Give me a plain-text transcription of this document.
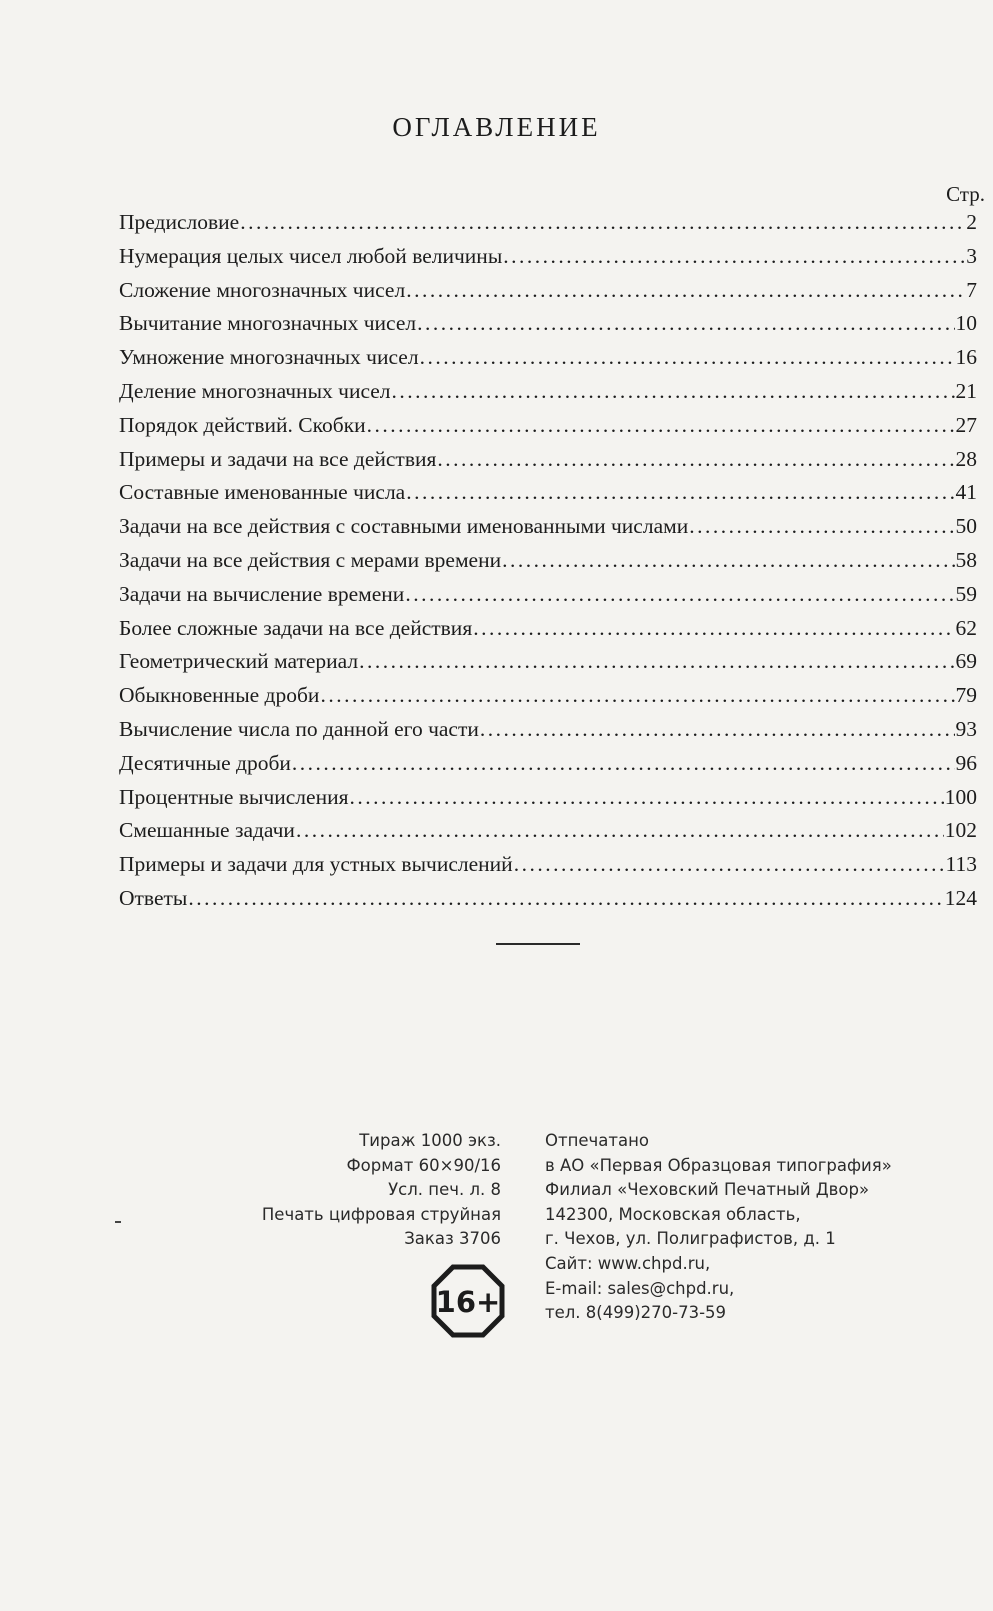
ОГЛАВЛЕНИЕ
Стр.
Предисловие .....	2
Нумерация целых чисел любой величины .....	3
Сложение многозначных чисел .....	7
Вычитание многозначных чисел .....	10
Умножение многозначных чисел .....	16
Деление многозначных чисел .....	21
Порядок действий. Скобки .....	27
Примеры и задачи на все действия .....	28
Составные именованные числа .....	41
Задачи на все действия с составными именованными числами .....	50
Задачи на все действия с мерами времени .....	58
Задачи на вычисление времени .....	59
Более сложные задачи на все действия .....	62
Геометрический материал .....	69
Обыкновенные дроби .....	79
Вычисление числа по данной его части .....	93
Десятичные дроби .....	96
Процентные вычисления .....	100
Смешанные задачи .....	102
Примеры и задачи для устных вычислений .....	113
Ответы .....	124
Тираж 1000 экз.
Формат 60×90/16
Усл. печ. л. 8
Печать цифровая струйная
Заказ 3706
16+
Отпечатано
в АО «Первая Образцовая типография»
Филиал «Чеховский Печатный Двор»
142300, Московская область,
г. Чехов, ул. Полиграфистов, д. 1
Сайт: www.chpd.ru,
E-mail: sales@chpd.ru,
тел. 8(499)270-73-59
